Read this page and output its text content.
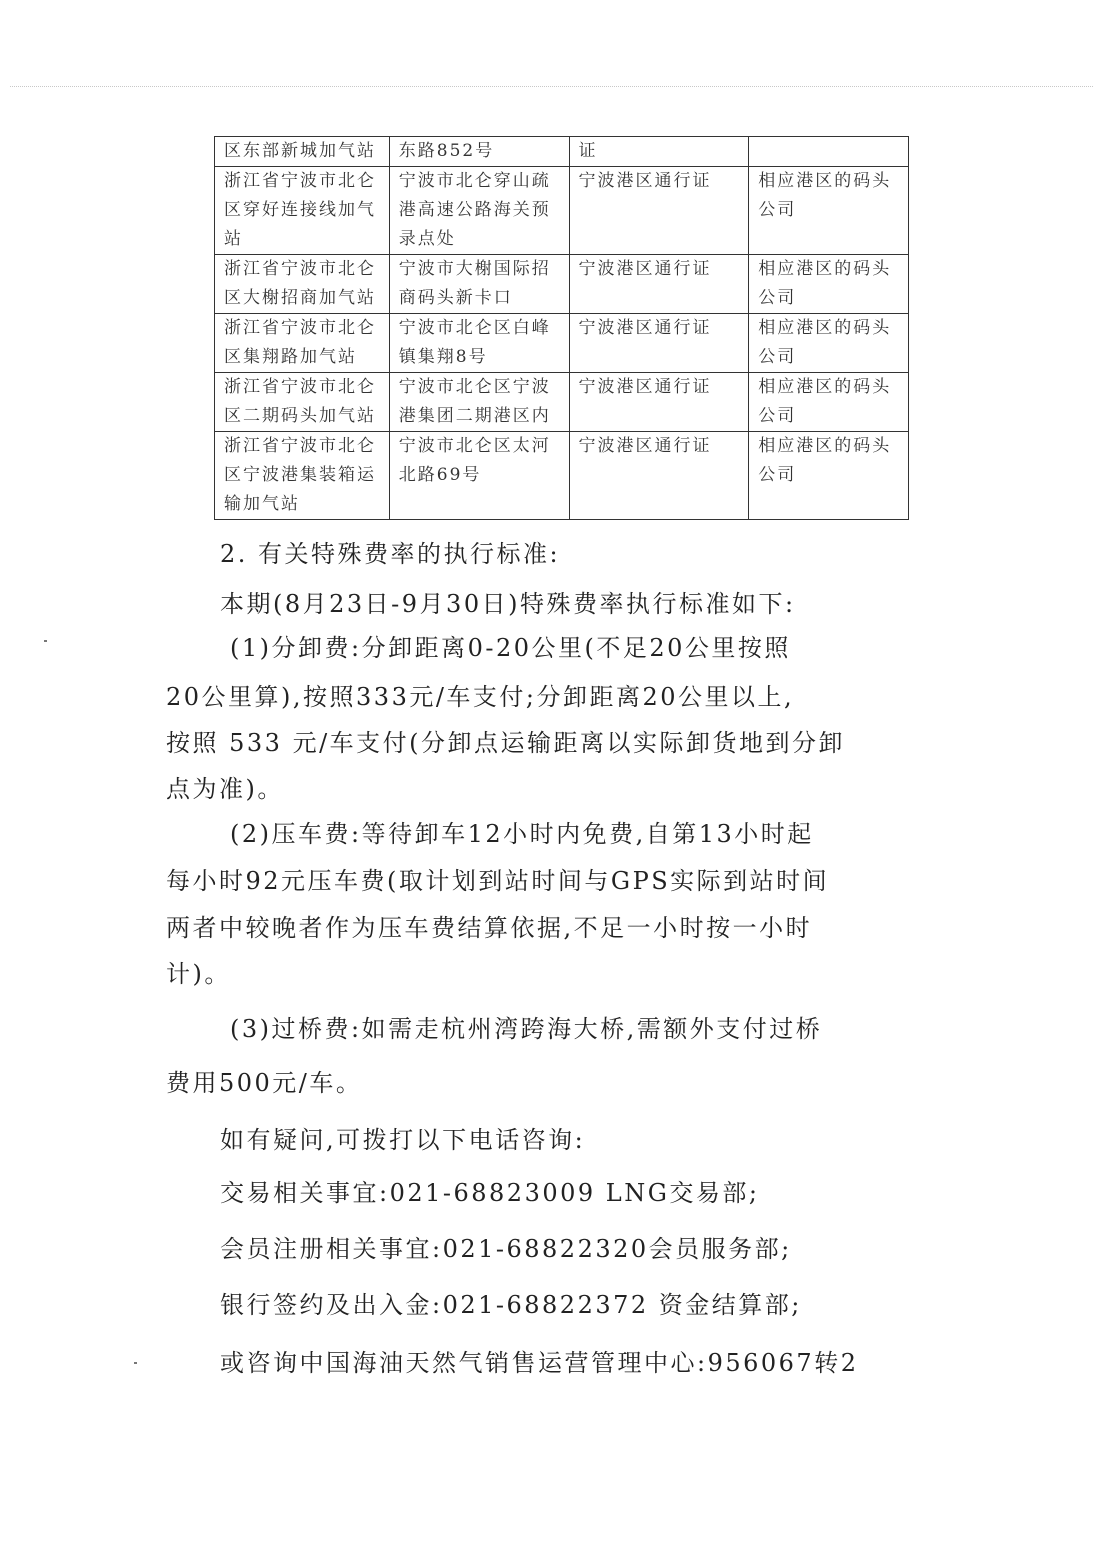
区东部新城加气站	东路852号	证	
浙江省宁波市北仑区穿好连接线加气站	宁波市北仑穿山疏港高速公路海关预录点处	宁波港区通行证	相应港区的码头公司
浙江省宁波市北仑区大榭招商加气站	宁波市大榭国际招商码头新卡口	宁波港区通行证	相应港区的码头公司
浙江省宁波市北仑区集翔路加气站	宁波市北仑区白峰镇集翔8号	宁波港区通行证	相应港区的码头公司
浙江省宁波市北仑区二期码头加气站	宁波市北仑区宁波港集团二期港区内	宁波港区通行证	相应港区的码头公司
浙江省宁波市北仑区宁波港集装箱运输加气站	宁波市北仑区太河北路69号	宁波港区通行证	相应港区的码头公司
2. 有关特殊费率的执行标准:
本期(8月23日-9月30日)特殊费率执行标准如下:
(1)分卸费:分卸距离0-20公里(不足20公里按照
20公里算),按照333元/车支付;分卸距离20公里以上,
按照 533 元/车支付(分卸点运输距离以实际卸货地到分卸
点为准)。
(2)压车费:等待卸车12小时内免费,自第13小时起
每小时92元压车费(取计划到站时间与GPS实际到站时间
两者中较晚者作为压车费结算依据,不足一小时按一小时
计)。
(3)过桥费:如需走杭州湾跨海大桥,需额外支付过桥
费用500元/车。
如有疑问,可拨打以下电话咨询:
交易相关事宜:021-68823009 LNG交易部;
会员注册相关事宜:021-68822320会员服务部;
银行签约及出入金:021-68822372 资金结算部;
或咨询中国海油天然气销售运营管理中心:956067转2
